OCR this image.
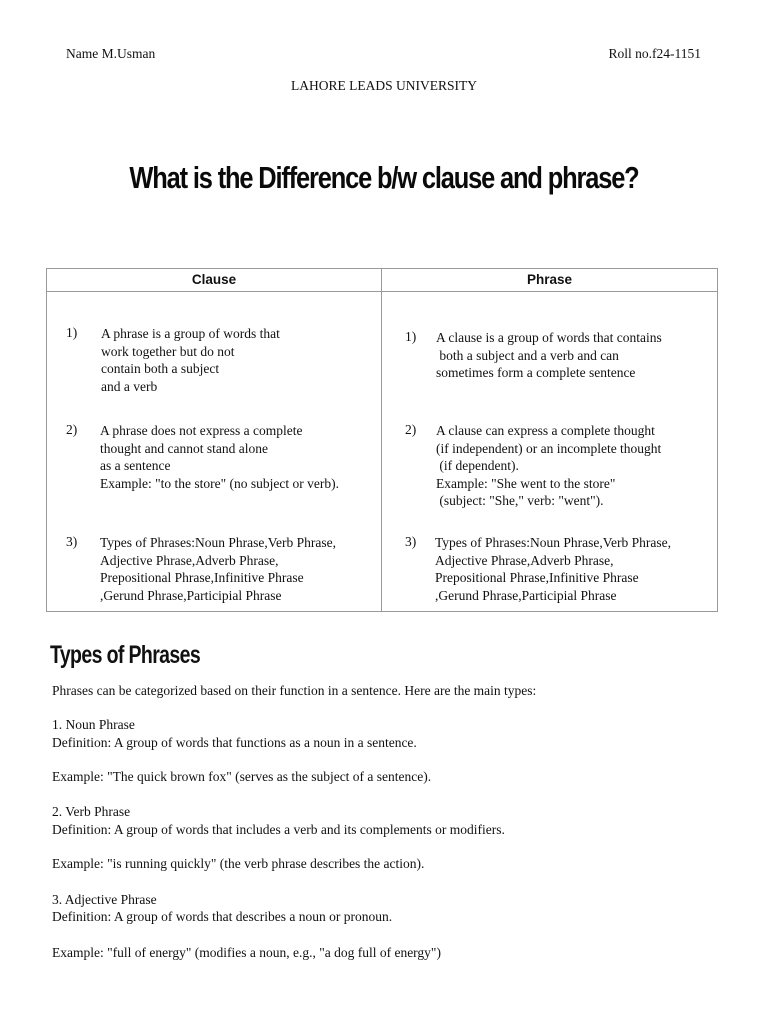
Name M.Usman	Roll no.f24-1151
LAHORE LEADS UNIVERSITY
What is the Difference b/w clause and phrase?
Clause	Phrase
1) A phrase is a group of words that
work together but do not
contain both a subject
and a verb
1) A clause is a group of words that contains
both a subject and a verb and can
sometimes form a complete sentence
2) A phrase does not express a complete
thought and cannot stand alone
as a sentence
Example: "to the store" (no subject or verb).
2) A clause can express a complete thought
(if independent) or an incomplete thought
(if dependent).
Example: "She went to the store"
(subject: "She," verb: "went").
3) Types of Phrases:Noun Phrase,Verb Phrase,
Adjective Phrase,Adverb Phrase,
Prepositional Phrase,Infinitive Phrase
,Gerund Phrase,Participial Phrase
3) Types of Phrases:Noun Phrase,Verb Phrase,
Adjective Phrase,Adverb Phrase,
Prepositional Phrase,Infinitive Phrase
,Gerund Phrase,Participial Phrase
Types of Phrases
Phrases can be categorized based on their function in a sentence. Here are the main types:
1. Noun Phrase
Definition: A group of words that functions as a noun in a sentence.
Example: "The quick brown fox" (serves as the subject of a sentence).
2. Verb Phrase
Definition: A group of words that includes a verb and its complements or modifiers.
Example: "is running quickly" (the verb phrase describes the action).
3. Adjective Phrase
Definition: A group of words that describes a noun or pronoun.
Example: "full of energy" (modifies a noun, e.g., "a dog full of energy")
